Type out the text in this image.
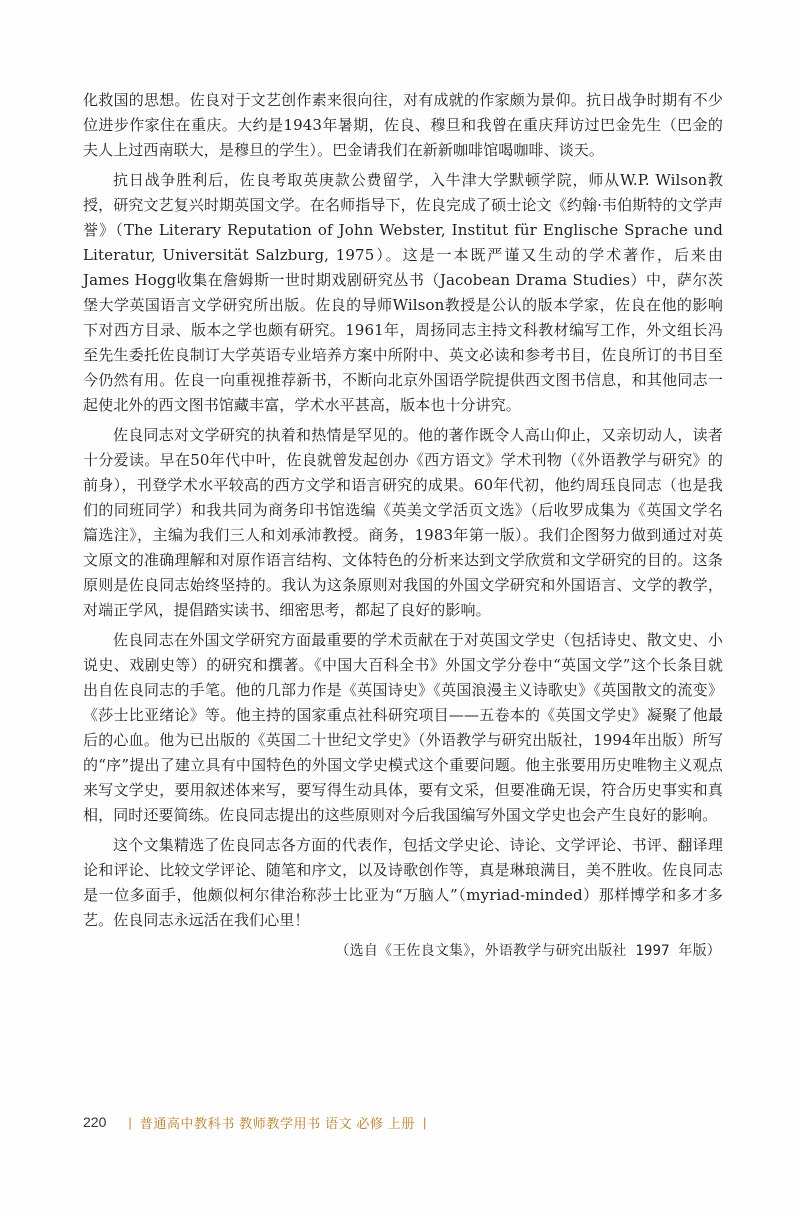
化救国的思想。佐良对于文艺创作素来很向往，对有成就的作家颇为景仰。抗日战争时期有不少位进步作家住在重庆。大约是1943年暑期，佐良、穆旦和我曾在重庆拜访过巴金先生（巴金的夫人上过西南联大，是穆旦的学生）。巴金请我们在新新咖啡馆喝咖啡、谈天。

抗日战争胜利后，佐良考取英庚款公费留学，入牛津大学默顿学院，师从W.P. Wilson教授，研究文艺复兴时期英国文学。在名师指导下，佐良完成了硕士论文《约翰·韦伯斯特的文学声誉》（The Literary Reputation of John Webster, Institut für Englische Sprache und Literatur, Universität Salzburg, 1975）。这是一本既严谨又生动的学术著作，后来由 James Hogg收集在詹姆斯一世时期戏剧研究丛书（Jacobean Drama Studies）中，萨尔茨堡大学英国语言文学研究所出版。佐良的导师Wilson教授是公认的版本学家，佐良在他的影响下对西方目录、版本之学也颇有研究。1961年，周扬同志主持文科教材编写工作，外文组长冯至先生委托佐良制订大学英语专业培养方案中所附中、英文必读和参考书目，佐良所订的书目至今仍然有用。佐良一向重视推荐新书，不断向北京外国语学院提供西文图书信息，和其他同志一起使北外的西文图书馆藏丰富，学术水平甚高，版本也十分讲究。

佐良同志对文学研究的执着和热情是罕见的。他的著作既令人高山仰止，又亲切动人，读者十分爱读。早在50年代中叶，佐良就曾发起创办《西方语文》学术刊物（《外语教学与研究》的前身），刊登学术水平较高的西方文学和语言研究的成果。60年代初，他约周珏良同志（也是我们的同班同学）和我共同为商务印书馆选编《英美文学活页文选》（后收罗成集为《英国文学名篇选注》，主编为我们三人和刘承沛教授。商务，1983年第一版）。我们企图努力做到通过对英文原文的准确理解和对原作语言结构、文体特色的分析来达到文学欣赏和文学研究的目的。这条原则是佐良同志始终坚持的。我认为这条原则对我国的外国文学研究和外国语言、文学的教学，对端正学风，提倡踏实读书、细密思考，都起了良好的影响。

佐良同志在外国文学研究方面最重要的学术贡献在于对英国文学史（包括诗史、散文史、小说史、戏剧史等）的研究和撰著。《中国大百科全书》外国文学分卷中“英国文学”这个长条目就出自佐良同志的手笔。他的几部力作是《英国诗史》《英国浪漫主义诗歌史》《英国散文的流变》《莎士比亚绪论》等。他主持的国家重点社科研究项目——五卷本的《英国文学史》凝聚了他最后的心血。他为已出版的《英国二十世纪文学史》（外语教学与研究出版社，1994年出版）所写的“序”提出了建立具有中国特色的外国文学史模式这个重要问题。他主张要用历史唯物主义观点来写文学史，要用叙述体来写，要写得生动具体，要有文采，但要准确无误，符合历史事实和真相，同时还要简练。佐良同志提出的这些原则对今后我国编写外国文学史也会产生良好的影响。

这个文集精选了佐良同志各方面的代表作，包括文学史论、诗论、文学评论、书评、翻译理论和评论、比较文学评论、随笔和序文，以及诗歌创作等，真是琳琅满目，美不胜收。佐良同志是一位多面手，他颇似柯尔律治称莎士比亚为“万脑人”（myriad-minded）那样博学和多才多艺。佐良同志永远活在我们心里！

（选自《王佐良文集》，外语教学与研究出版社 1997 年版）

220 | 普通高中教科书 教师教学用书 语文 必修 上册 |
